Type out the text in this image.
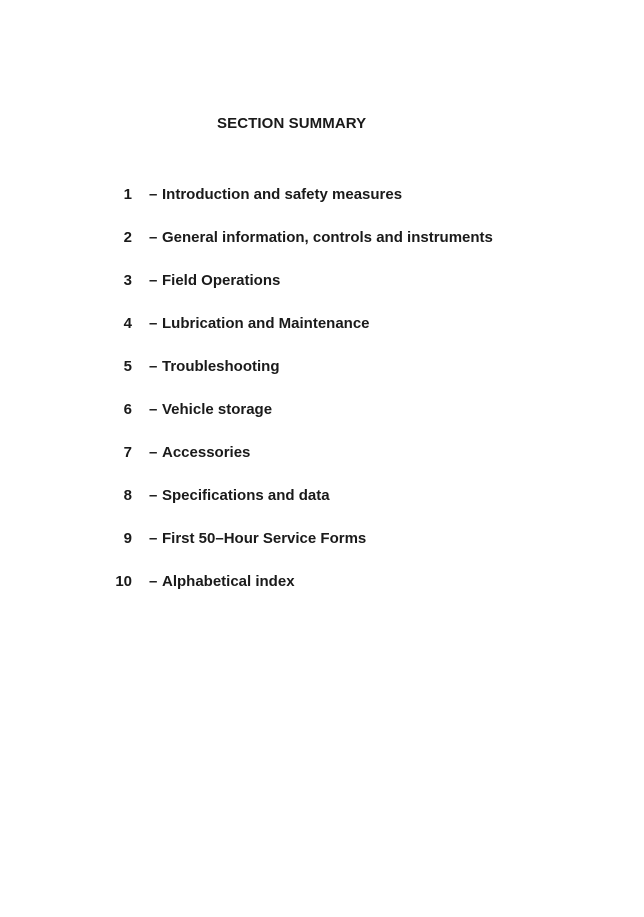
SECTION SUMMARY
1 – Introduction and safety measures
2 – General information, controls and instruments
3 – Field Operations
4 – Lubrication and Maintenance
5 – Troubleshooting
6 – Vehicle storage
7 – Accessories
8 – Specifications and data
9 – First 50–Hour Service Forms
10 – Alphabetical index
